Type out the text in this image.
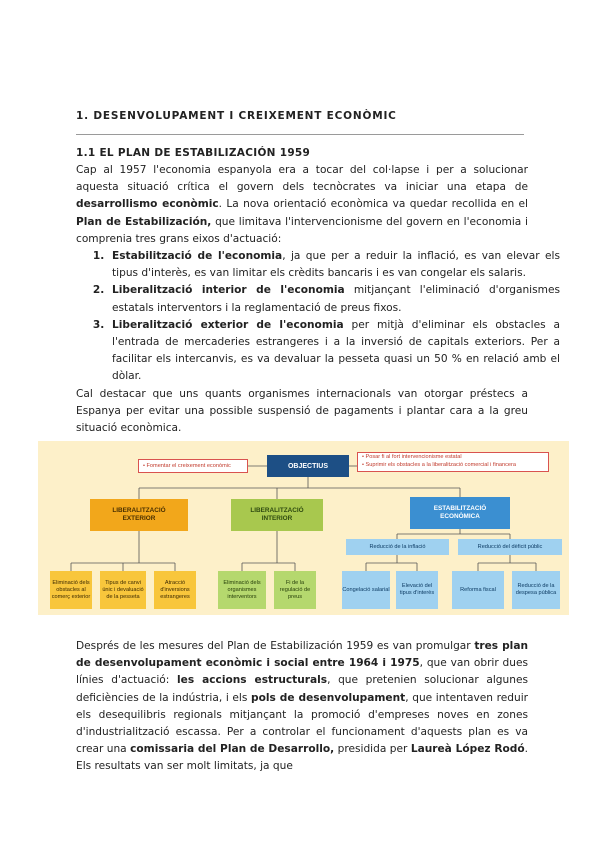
1. DESENVOLUPAMENT I CREIXEMENT ECONÒMIC
1.1 EL PLAN DE ESTABILIZACIÓN 1959

Cap al 1957 l'economia espanyola era a tocar del col·lapse i per a solucionar aquesta situació crítica el govern dels tecnòcrates va iniciar una etapa de desarrollismo econòmic. La nova orientació econòmica va quedar recollida en el Plan de Estabilización, que limitava l'intervencionisme del govern en l'economia i comprenia tres grans eixos d'actuació:

1. Estabilització de l'economia, ja que per a reduir la inflació, es van elevar els tipus d'interès, es van limitar els crèdits bancaris i es van congelar els salaris.
2. Liberalització interior de l'economia mitjançant l'eliminació d'organismes estatals interventors i la reglamentació de preus fixos.
3. Liberalització exterior de l'economia per mitjà d'eliminar els obstacles a l'entrada de mercaderies estrangeres i a la inversió de capitals exteriors. Per a facilitar els intercanvis, es va devaluar la pesseta quasi un 50 % en relació amb el dòlar.

Cal destacar que uns quants organismes internacionals van otorgar préstecs a Espanya per evitar una possible suspensió de pagaments i plantar cara a la greu situació econòmica.

OBJECTIUS
• Fomentar el creixement econòmic
• Posar fi al fort intervencionisme estatal
• Suprimir els obstacles a la liberalització comercial i financera
LIBERALITZACIÓ
EXTERIOR
LIBERALITZACIÓ
INTERIOR
ESTABILITZACIÓ
ECONÒMICA
Reducció de la inflació	Reducció del dèficit públic
Eliminació dels obstacles al comerç exterior
Tipus de canvi únic i devaluació de la pesseta
Atracció d'inversions estrangeres
Eliminació dels organismes interventors
Fi de la regulació de preus
Congelació salarial
Elevació del tipus d'interès
Reforma fiscal
Reducció de la despesa pública

Després de les mesures del Plan de Estabilización 1959 es van promulgar tres plan de desenvolupament econòmic i social entre 1964 i 1975, que van obrir dues línies d'actuació: les accions estructurals, que pretenien solucionar algunes deficiències de la indústria, i els pols de desenvolupament, que intentaven reduir els desequilibris regionals mitjançant la promoció d'empreses noves en zones d'industrialització escassa. Per a controlar el funcionament d'aquests plan es va crear una comissaria del Plan de Desarrollo, presidida per Laureà López Rodó. Els resultats van ser molt limitats, ja que
